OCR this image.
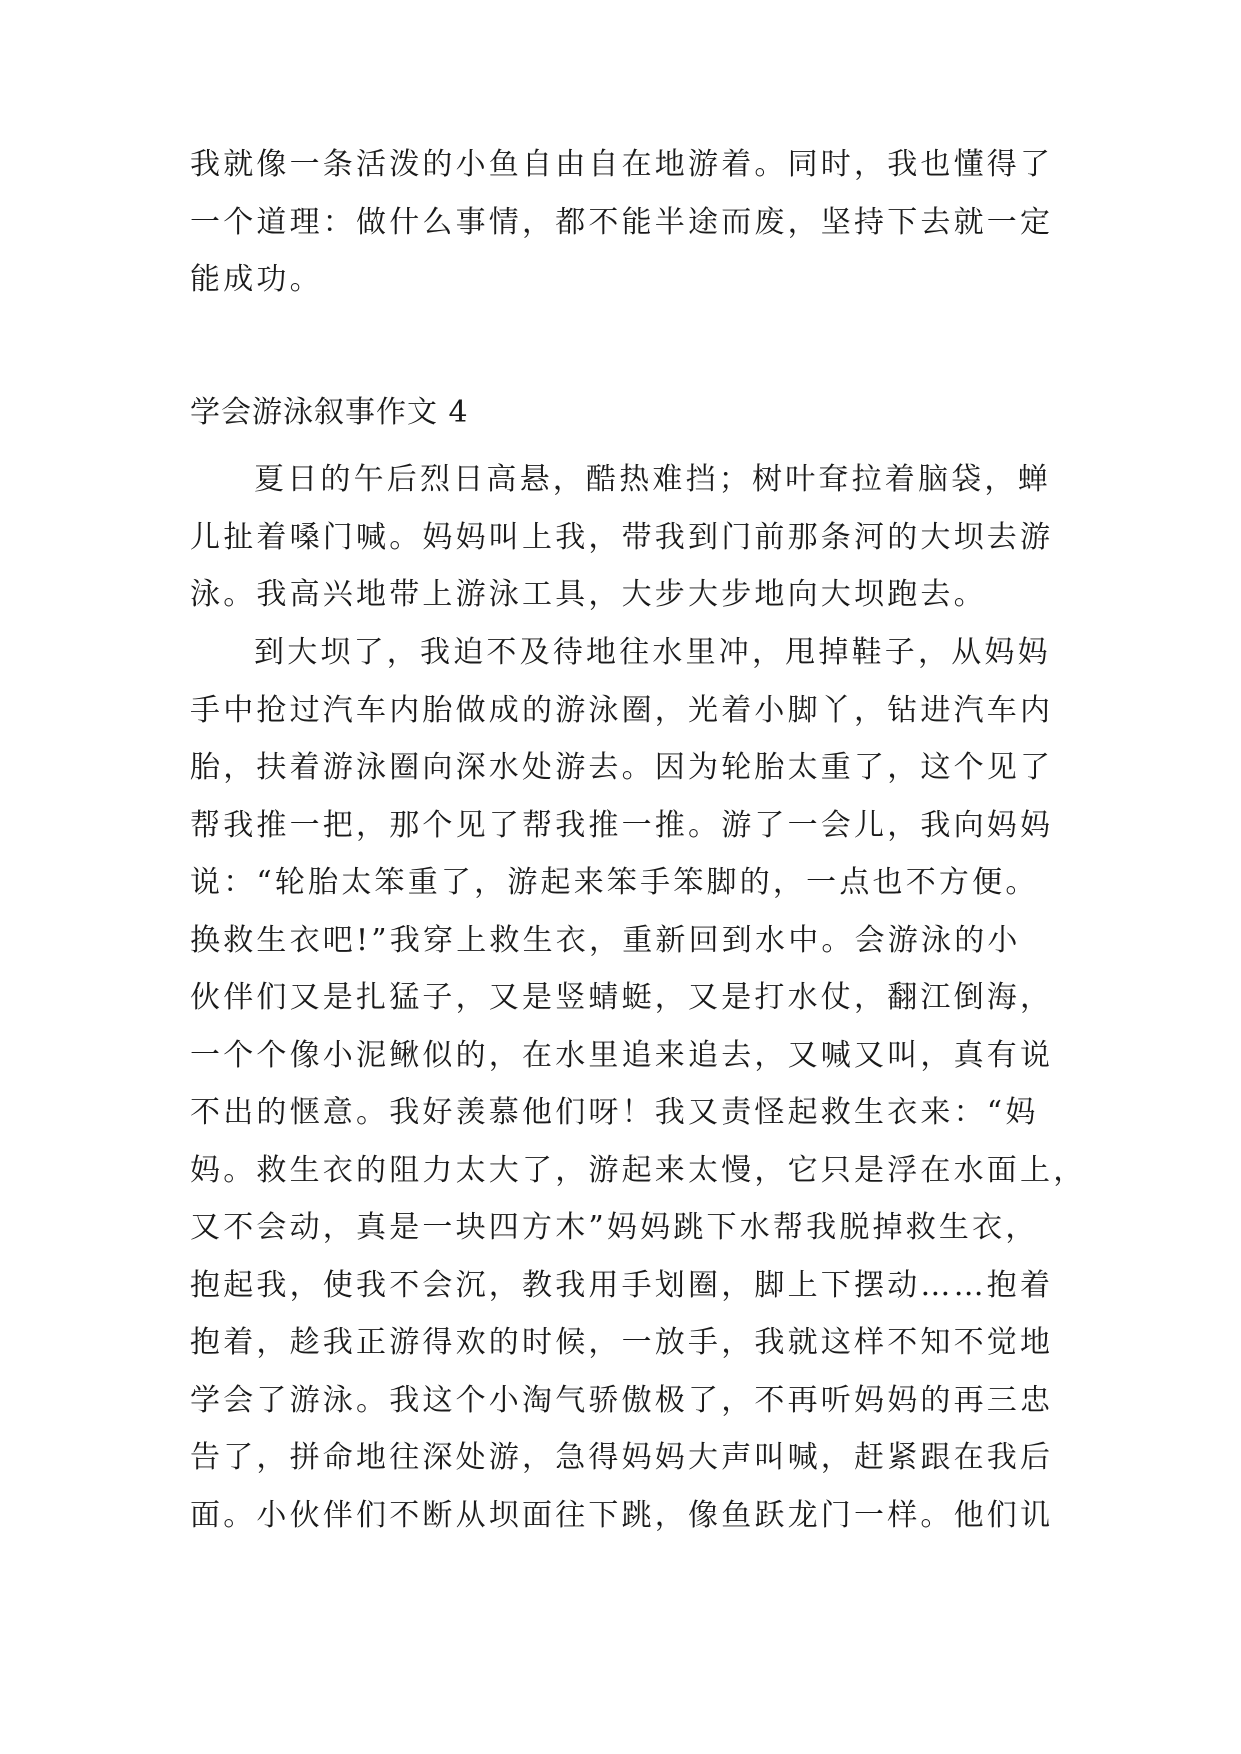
我就像一条活泼的小鱼自由自在地游着。同时，我也懂得了
一个道理：做什么事情，都不能半途而废，坚持下去就一定
能成功。
学会游泳叙事作文 4
夏日的午后烈日高悬，酷热难挡；树叶耷拉着脑袋，蝉
儿扯着嗓门喊。妈妈叫上我，带我到门前那条河的大坝去游
泳。我高兴地带上游泳工具，大步大步地向大坝跑去。
到大坝了，我迫不及待地往水里冲，甩掉鞋子，从妈妈
手中抢过汽车内胎做成的游泳圈，光着小脚丫，钻进汽车内
胎，扶着游泳圈向深水处游去。因为轮胎太重了，这个见了
帮我推一把，那个见了帮我推一推。游了一会儿，我向妈妈
说：“轮胎太笨重了，游起来笨手笨脚的，一点也不方便。
换救生衣吧!”我穿上救生衣，重新回到水中。会游泳的小
伙伴们又是扎猛子，又是竖蜻蜓，又是打水仗，翻江倒海，
一个个像小泥鳅似的，在水里追来追去，又喊又叫，真有说
不出的惬意。我好羡慕他们呀！我又责怪起救生衣来：“妈
妈。救生衣的阻力太大了，游起来太慢，它只是浮在水面上，
又不会动，真是一块四方木”妈妈跳下水帮我脱掉救生衣，
抱起我，使我不会沉，教我用手划圈，脚上下摆动……抱着
抱着，趁我正游得欢的时候，一放手，我就这样不知不觉地
学会了游泳。我这个小淘气骄傲极了，不再听妈妈的再三忠
告了，拼命地往深处游，急得妈妈大声叫喊，赶紧跟在我后
面。小伙伴们不断从坝面往下跳，像鱼跃龙门一样。他们讥
